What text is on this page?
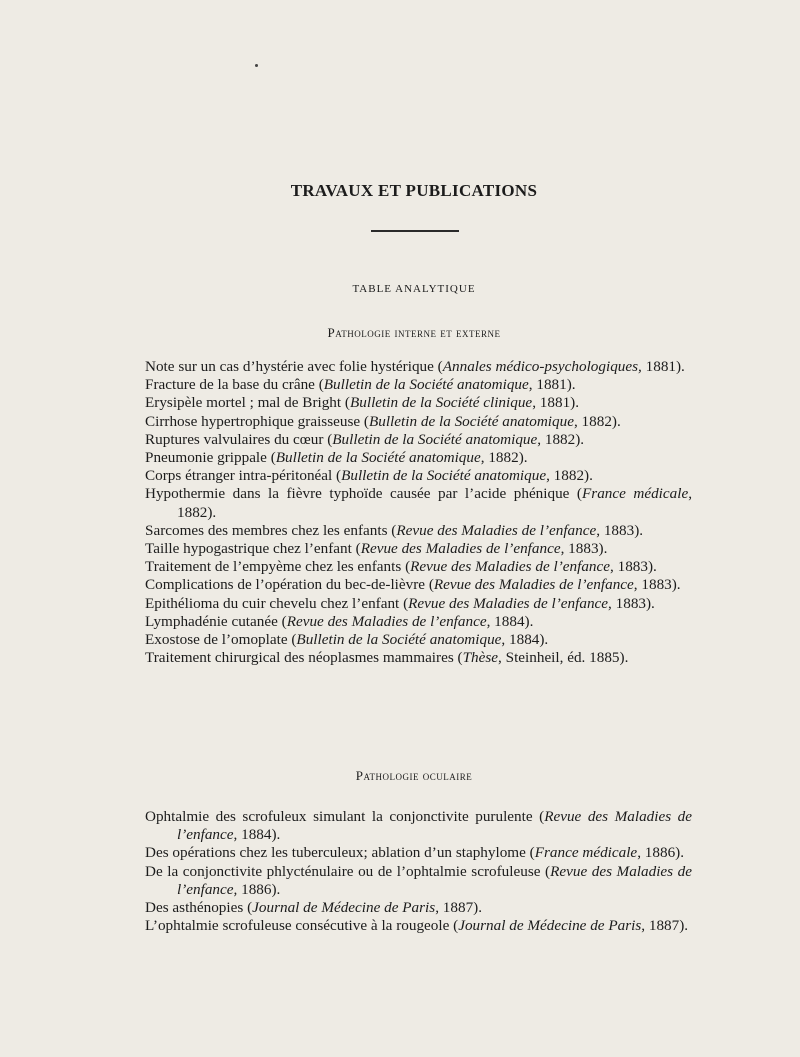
TRAVAUX ET PUBLICATIONS
TABLE ANALYTIQUE
Pathologie interne et externe
Note sur un cas d’hystérie avec folie hystérique (Annales médico-psychologiques, 1881).
Fracture de la base du crâne (Bulletin de la Société anatomique, 1881).
Erysipèle mortel ; mal de Bright (Bulletin de la Société clinique, 1881).
Cirrhose hypertrophique graisseuse (Bulletin de la Société anatomique, 1882).
Ruptures valvulaires du cœur (Bulletin de la Société anatomique, 1882).
Pneumonie grippale (Bulletin de la Société anatomique, 1882).
Corps étranger intra-péritonéal (Bulletin de la Société anatomique, 1882).
Hypothermie dans la fièvre typhoïde causée par l’acide phénique (France médicale, 1882).
Sarcomes des membres chez les enfants (Revue des Maladies de l’enfance, 1883).
Taille hypogastrique chez l’enfant (Revue des Maladies de l’enfance, 1883).
Traitement de l’empyème chez les enfants (Revue des Maladies de l’enfance, 1883).
Complications de l’opération du bec-de-lièvre (Revue des Maladies de l’enfance, 1883).
Epithélioma du cuir chevelu chez l’enfant (Revue des Maladies de l’enfance, 1883).
Lymphadénie cutanée (Revue des Maladies de l’enfance, 1884).
Exostose de l’omoplate (Bulletin de la Société anatomique, 1884).
Traitement chirurgical des néoplasmes mammaires (Thèse, Steinheil, éd. 1885).
Pathologie oculaire
Ophtalmie des scrofuleux simulant la conjonctivite purulente (Revue des Maladies de l’enfance, 1884).
Des opérations chez les tuberculeux; ablation d’un staphylome (France médicale, 1886).
De la conjonctivite phlycténulaire ou de l’ophtalmie scrofuleuse (Revue des Maladies de l’enfance, 1886).
Des asthénopies (Journal de Médecine de Paris, 1887).
L’ophtalmie scrofuleuse consécutive à la rougeole (Journal de Médecine de Paris, 1887).
